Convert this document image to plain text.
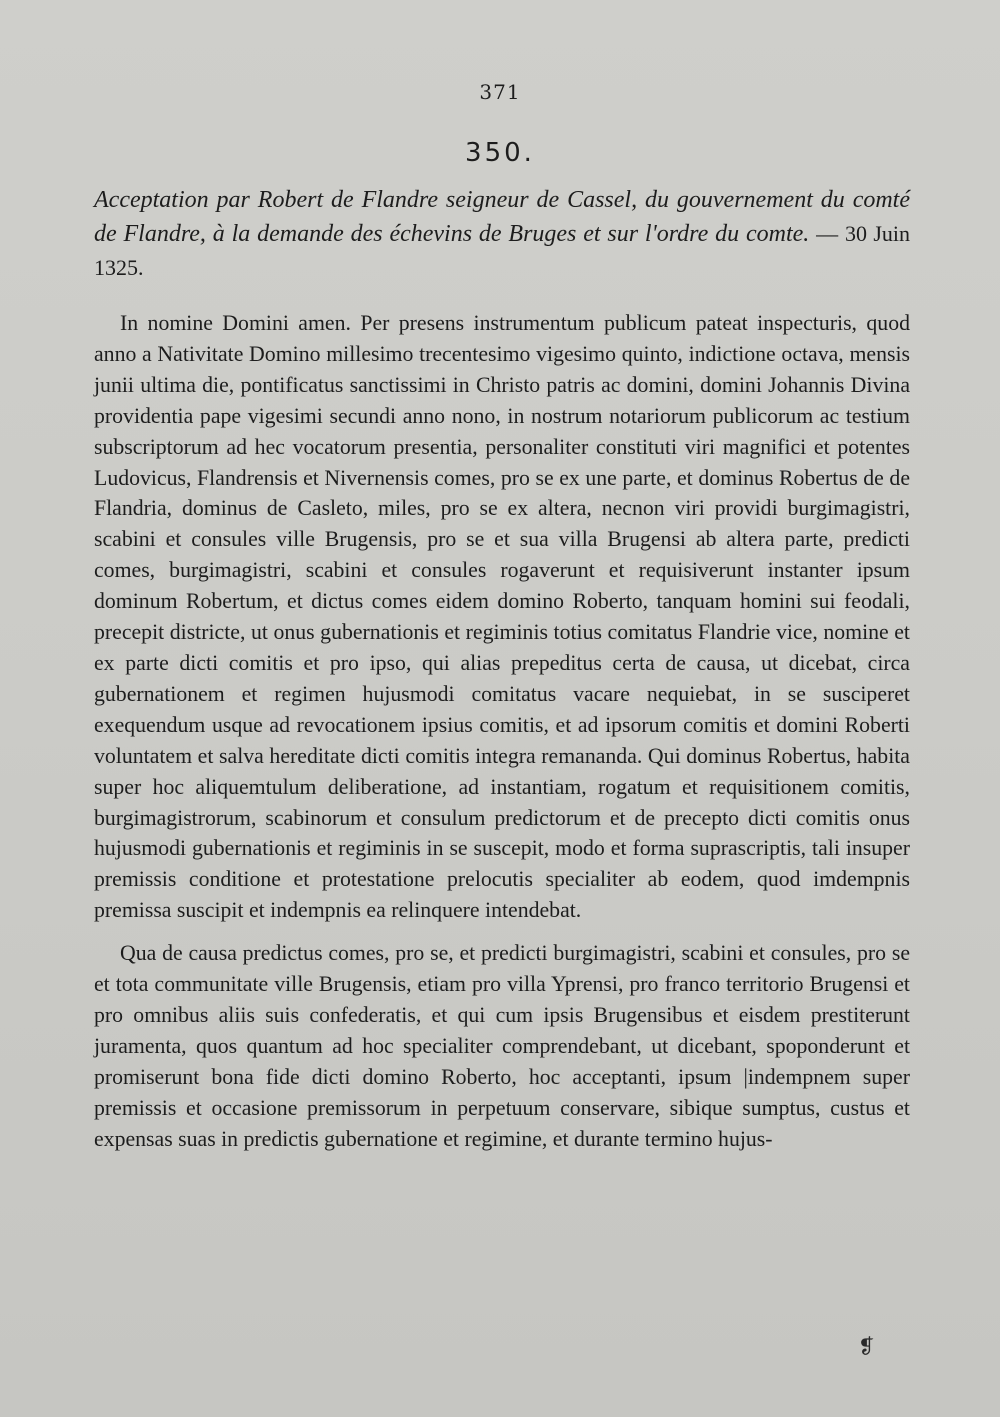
371
350.
Acceptation par Robert de Flandre seigneur de Cassel, du gouvernement du comté de Flandre, à la demande des échevins de Bruges et sur l'ordre du comte. — 30 Juin 1325.

In nomine Domini amen. Per presens instrumentum publicum pateat inspecturis, quod anno a Nativitate Domino millesimo trecentesimo vigesimo quinto, indictione octava, mensis junii ultima die, pontificatus sanctissimi in Christo patris ac domini, domini Johannis Divina providentia pape vigesimi secundi anno nono, in nostrum notariorum publicorum ac testium subscriptorum ad hec vocatorum presentia, personaliter constituti viri magnifici et potentes Ludovicus, Flandrensis et Nivernensis comes, pro se ex une parte, et dominus Robertus de de Flandria, dominus de Casleto, miles, pro se ex altera, necnon viri providi burgimagistri, scabini et consules ville Brugensis, pro se et sua villa Brugensi ab altera parte, predicti comes, burgimagistri, scabini et consules rogaverunt et requisiverunt instanter ipsum dominum Robertum, et dictus comes eidem domino Roberto, tanquam homini sui feodali, precepit districte, ut onus gubernationis et regiminis totius comitatus Flandrie vice, nomine et ex parte dicti comitis et pro ipso, qui alias prepeditus certa de causa, ut dicebat, circa gubernationem et regimen hujusmodi comitatus vacare nequiebat, in se susciperet exequendum usque ad revocationem ipsius comitis, et ad ipsorum comitis et domini Roberti voluntatem et salva hereditate dicti comitis integra remananda. Qui dominus Robertus, habita super hoc aliquemtulum deliberatione, ad instantiam, rogatum et requisitionem comitis, burgimagistrorum, scabinorum et consulum predictorum et de precepto dicti comitis onus hujusmodi gubernationis et regiminis in se suscepit, modo et forma suprascriptis, tali insuper premissis conditione et protestatione prelocutis specialiter ab eodem, quod imdempnis premissa suscipit et indempnis ea relinquere intendebat.

Qua de causa predictus comes, pro se, et predicti burgimagistri, scabini et consules, pro se et tota communitate ville Brugensis, etiam pro villa Yprensi, pro franco territorio Brugensi et pro omnibus aliis suis confederatis, et qui cum ipsis Brugensibus et eisdem prestiterunt juramenta, quos quantum ad hoc specialiter comprendebant, ut dicebant, spoponderunt et promiserunt bona fide dicti domino Roberto, hoc acceptanti, ipsum |indempnem super premissis et occasione premissorum in perpetuum conservare, sibique sumptus, custus et expensas suas in predictis gubernatione et regimine, et durante termino hujus-

❡
